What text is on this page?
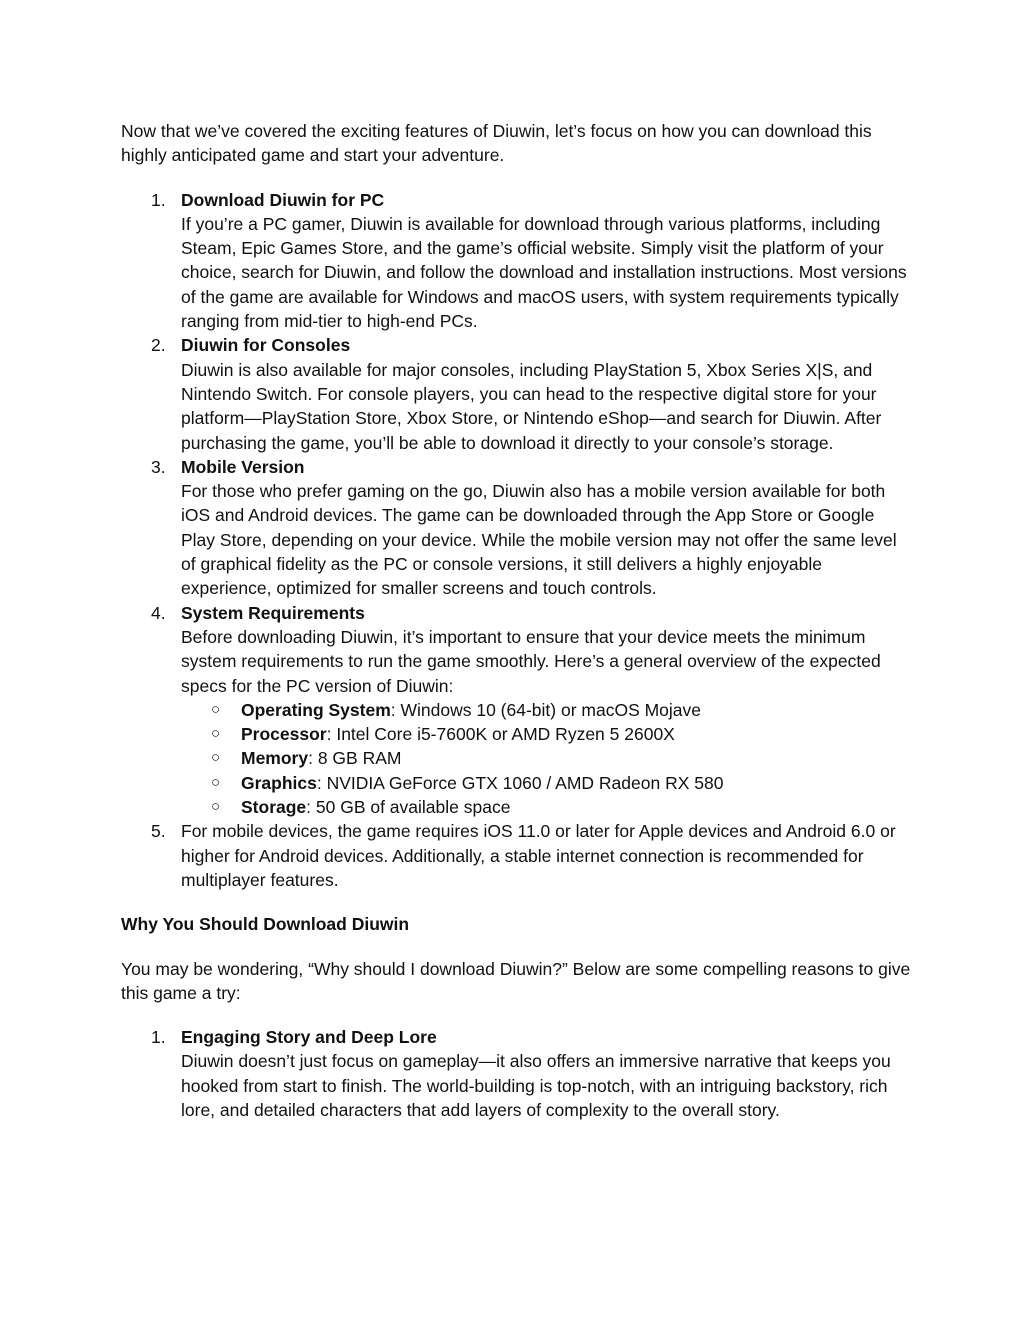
Now that we’ve covered the exciting features of Diuwin, let’s focus on how you can download this highly anticipated game and start your adventure.

1. Download Diuwin for PC
If you’re a PC gamer, Diuwin is available for download through various platforms, including Steam, Epic Games Store, and the game’s official website. Simply visit the platform of your choice, search for Diuwin, and follow the download and installation instructions. Most versions of the game are available for Windows and macOS users, with system requirements typically ranging from mid-tier to high-end PCs.
2. Diuwin for Consoles
Diuwin is also available for major consoles, including PlayStation 5, Xbox Series X|S, and Nintendo Switch. For console players, you can head to the respective digital store for your platform—PlayStation Store, Xbox Store, or Nintendo eShop—and search for Diuwin. After purchasing the game, you’ll be able to download it directly to your console’s storage.
3. Mobile Version
For those who prefer gaming on the go, Diuwin also has a mobile version available for both iOS and Android devices. The game can be downloaded through the App Store or Google Play Store, depending on your device. While the mobile version may not offer the same level of graphical fidelity as the PC or console versions, it still delivers a highly enjoyable experience, optimized for smaller screens and touch controls.
4. System Requirements
Before downloading Diuwin, it’s important to ensure that your device meets the minimum system requirements to run the game smoothly. Here’s a general overview of the expected specs for the PC version of Diuwin:
○ Operating System: Windows 10 (64-bit) or macOS Mojave
○ Processor: Intel Core i5-7600K or AMD Ryzen 5 2600X
○ Memory: 8 GB RAM
○ Graphics: NVIDIA GeForce GTX 1060 / AMD Radeon RX 580
○ Storage: 50 GB of available space
5. For mobile devices, the game requires iOS 11.0 or later for Apple devices and Android 6.0 or higher for Android devices. Additionally, a stable internet connection is recommended for multiplayer features.

Why You Should Download Diuwin

You may be wondering, “Why should I download Diuwin?” Below are some compelling reasons to give this game a try:

1. Engaging Story and Deep Lore
Diuwin doesn’t just focus on gameplay—it also offers an immersive narrative that keeps you hooked from start to finish. The world-building is top-notch, with an intriguing backstory, rich lore, and detailed characters that add layers of complexity to the overall story.
